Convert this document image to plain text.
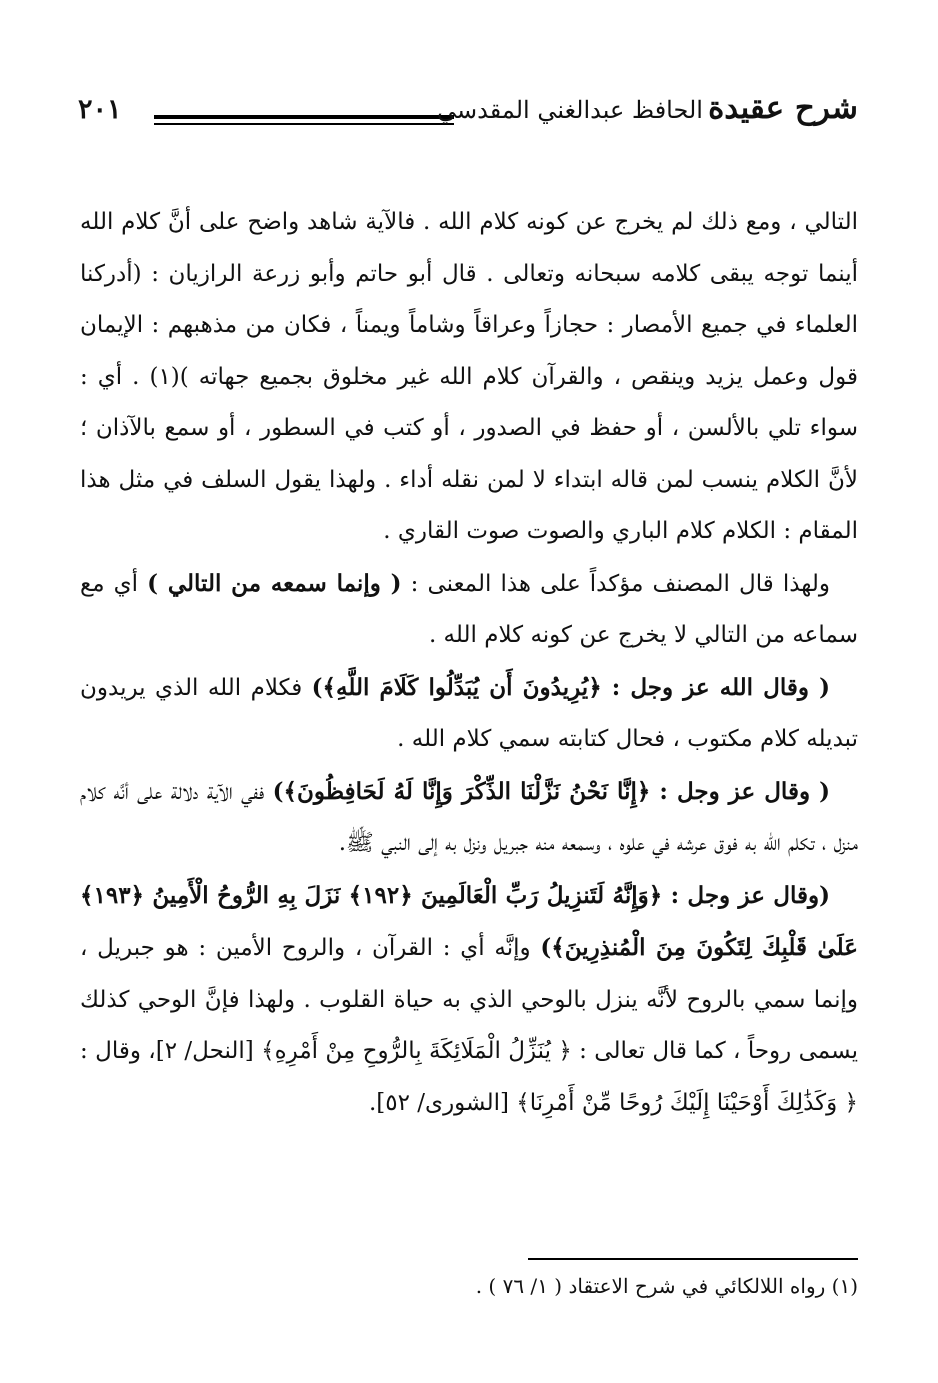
٢٠١	شرح عقيدة الحافظ عبدالغني المقدسي

التالي ، ومع ذلك لم يخرج عن كونه كلام الله . فالآية شاهد واضح على أنَّ كلام الله أينما توجه يبقى كلامه سبحانه وتعالى . قال أبو حاتم وأبو زرعة الرازيان : (أدركنا العلماء في جميع الأمصار : حجازاً وعراقاً وشاماً ويمناً ، فكان من مذهبهم : الإيمان قول وعمل يزيد وينقص ، والقرآن كلام الله غير مخلوق بجميع جهاته )(١) . أي : سواء تلي بالألسن ، أو حفظ في الصدور ، أو كتب في السطور ، أو سمع بالآذان ؛ لأنَّ الكلام ينسب لمن قاله ابتداء لا لمن نقله أداء . ولهذا يقول السلف في مثل هذا المقام : الكلام كلام الباري والصوت صوت القاري .

ولهذا قال المصنف مؤكداً على هذا المعنى : ( وإنما سمعه من التالي ) أي مع سماعه من التالي لا يخرج عن كونه كلام الله .

( وقال الله عز وجل : ﴿يُرِيدُونَ أَن يُبَدِّلُوا كَلَامَ اللَّهِ﴾) فكلام الله الذي يريدون تبديله كلام مكتوب ، فحال كتابته سمي كلام الله .

( وقال عز وجل : ﴿إِنَّا نَحْنُ نَزَّلْنَا الذِّكْرَ وَإِنَّا لَهُ لَحَافِظُونَ﴾) ففي الآية دلالة على أنَّه كلام منزل ، تكلم الله به فوق عرشه في علوه ، وسمعه منه جبريل ونزل به إلى النبي ﷺ.

(وقال عز وجل : ﴿وَإِنَّهُ لَتَنزِيلُ رَبِّ الْعَالَمِينَ ﴿١٩٢﴾ نَزَلَ بِهِ الرُّوحُ الْأَمِينُ ﴿١٩٣﴾ عَلَىٰ قَلْبِكَ لِتَكُونَ مِنَ الْمُنذِرِينَ﴾) وإنَّه أي : القرآن ، والروح الأمين : هو جبريل ، وإنما سمي بالروح لأنَّه ينزل بالوحي الذي به حياة القلوب . ولهذا فإنَّ الوحي كذلك يسمى روحاً ، كما قال تعالى : ﴿ يُنَزِّلُ الْمَلَائِكَةَ بِالرُّوحِ مِنْ أَمْرِهِ﴾ [النحل/ ٢]، وقال : ﴿ وَكَذَٰلِكَ أَوْحَيْنَا إِلَيْكَ رُوحًا مِّنْ أَمْرِنَا﴾ [الشورى/ ٥٢].

(١) رواه اللالكائي في شرح الاعتقاد ( ١/ ٧٦ ) .
